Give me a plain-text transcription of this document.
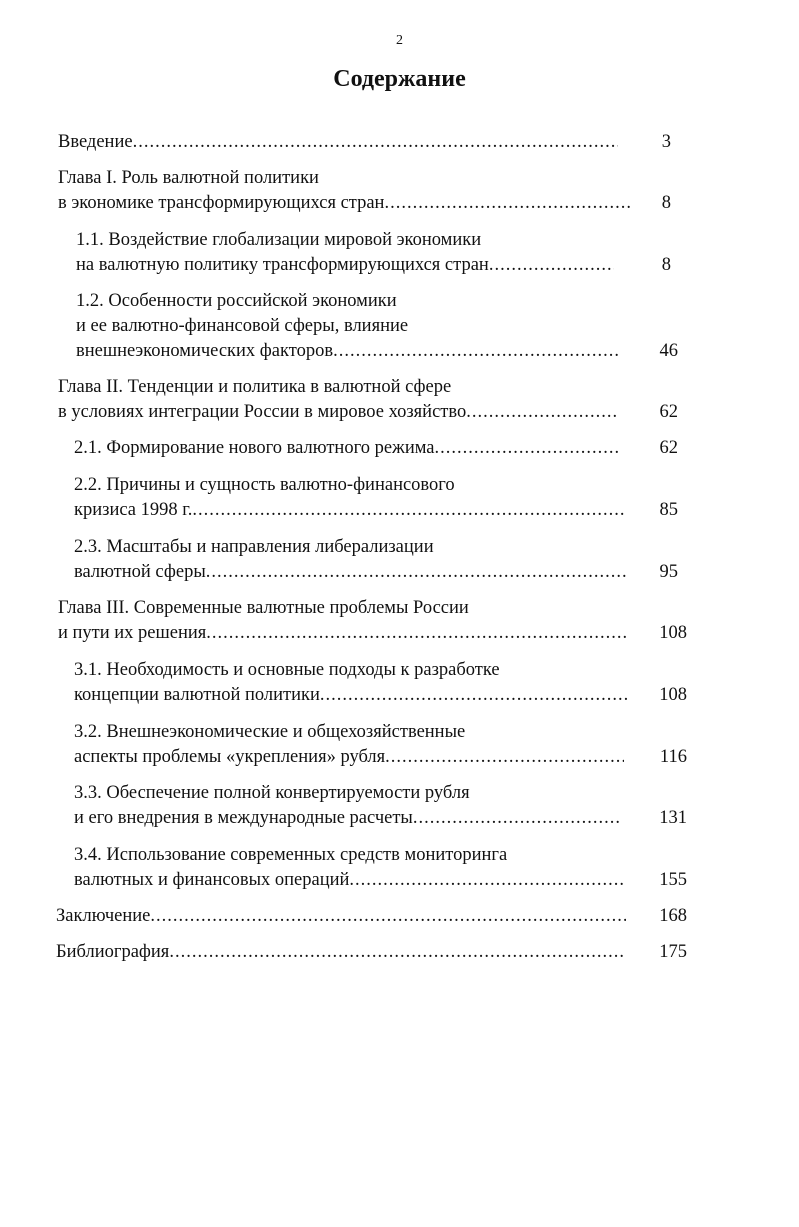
2
Содержание
Введение .....	3
Глава I. Роль валютной политики
в экономике трансформирующихся стран .....	8
1.1. Воздействие глобализации мировой экономики
на валютную политику трансформирующихся стран .....	8
1.2. Особенности российской экономики
и ее валютно-финансовой сферы, влияние
внешнеэкономических факторов .....	46
Глава II. Тенденции и политика в валютной сфере
в условиях интеграции России в мировое хозяйство .....	62
2.1. Формирование нового валютного режима .....	62
2.2. Причины и сущность валютно-финансового
кризиса 1998 г. .....	85
2.3. Масштабы и направления либерализации
валютной сферы .....	95
Глава III. Современные валютные проблемы России
и пути их решения .....	108
3.1. Необходимость и основные подходы к разработке
концепции валютной политики .....	108
3.2. Внешнеэкономические и общехозяйственные
аспекты проблемы «укрепления» рубля .....	116
3.3. Обеспечение полной конвертируемости рубля
и его внедрения в международные расчеты .....	131
3.4. Использование современных средств мониторинга
валютных и финансовых операций .....	155
Заключение .....	168
Библиография .....	175
